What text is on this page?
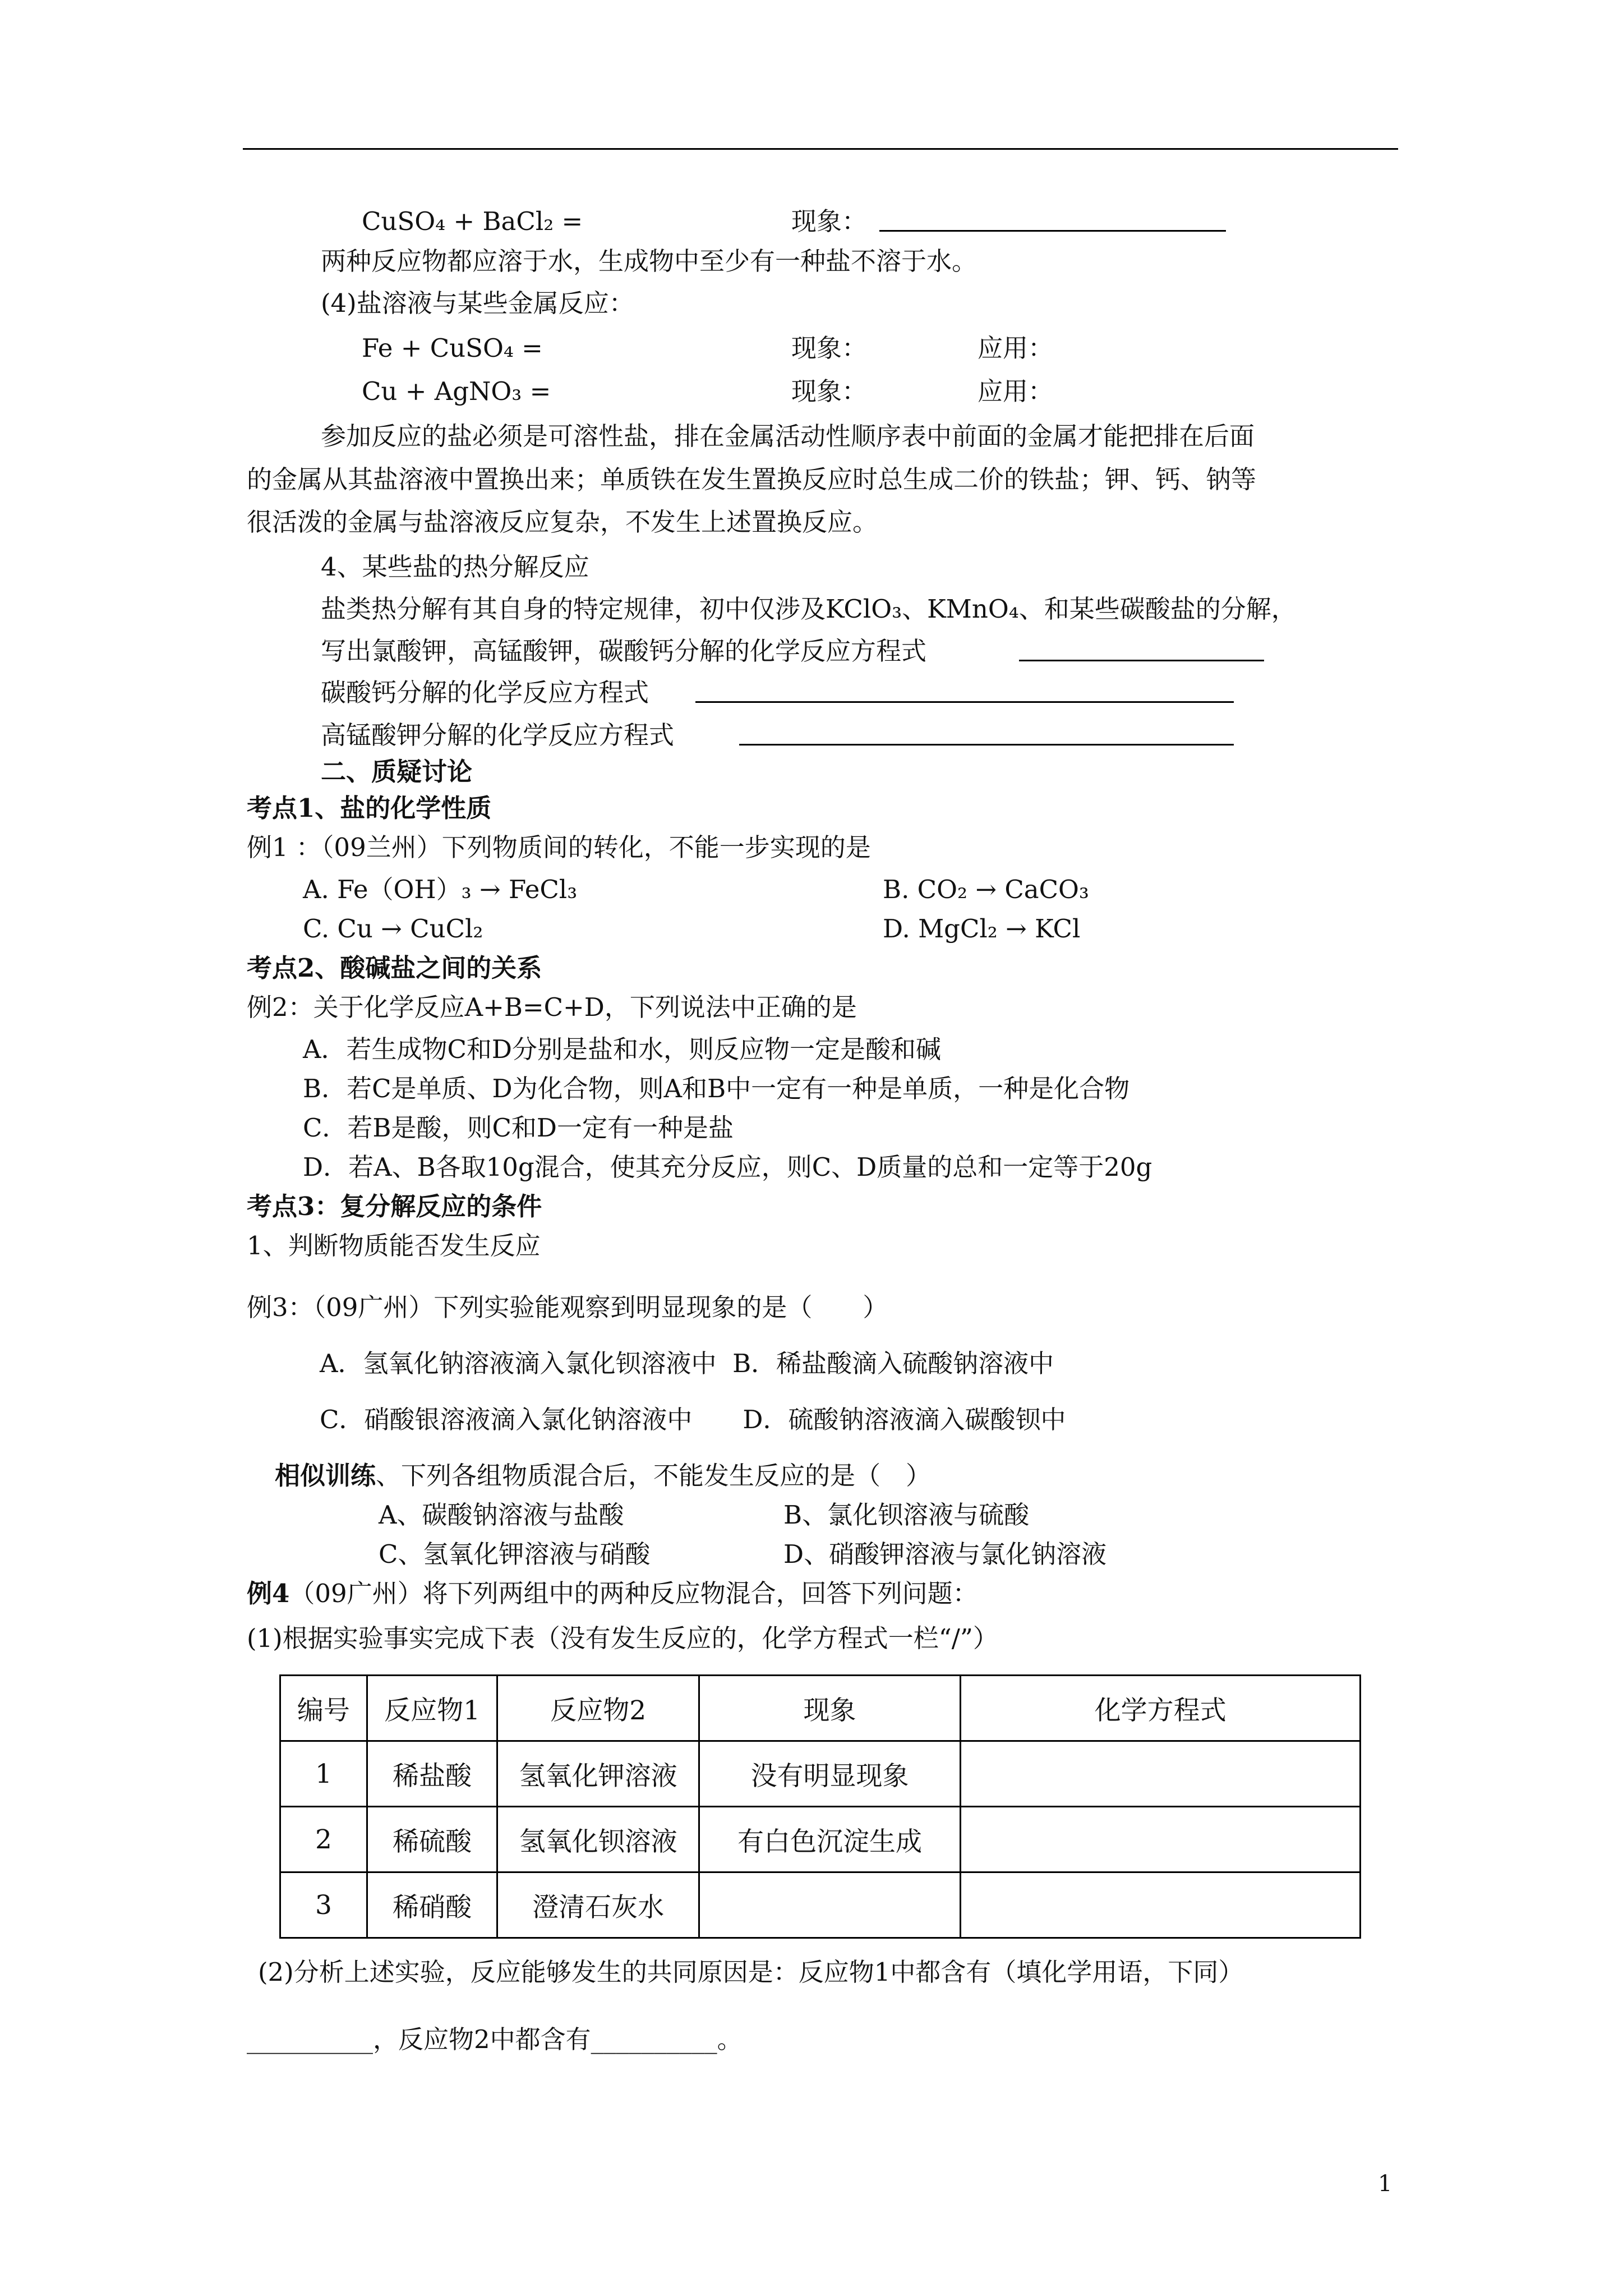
CuSO₄ + BaCl₂ =	现象：
两种反应物都应溶于水，生成物中至少有一种盐不溶于水。
(4)盐溶液与某些金属反应：
Fe + CuSO₄ =	现象：	应用：
Cu + AgNO₃ =	现象：	应用：
参加反应的盐必须是可溶性盐，排在金属活动性顺序表中前面的金属才能把排在后面
的金属从其盐溶液中置换出来；单质铁在发生置换反应时总生成二价的铁盐；钾、钙、钠等
很活泼的金属与盐溶液反应复杂，不发生上述置换反应。
4、某些盐的热分解反应
盐类热分解有其自身的特定规律，初中仅涉及KClO₃、KMnO₄、和某些碳酸盐的分解，
写出氯酸钾，高锰酸钾，碳酸钙分解的化学反应方程式
碳酸钙分解的化学反应方程式
高锰酸钾分解的化学反应方程式
二、质疑讨论
考点1、盐的化学性质
例1 ：（09兰州）下列物质间的转化，不能一步实现的是
A. Fe（OH）₃ → FeCl₃	B. CO₂ → CaCO₃
C. Cu → CuCl₂	D. MgCl₂ → KCl
考点2、酸碱盐之间的关系
例2：关于化学反应A+B=C+D，下列说法中正确的是
A．若生成物C和D分别是盐和水，则反应物一定是酸和碱
B．若C是单质、D为化合物，则A和B中一定有一种是单质，一种是化合物
C．若B是酸，则C和D一定有一种是盐
D．若A、B各取10g混合，使其充分反应，则C、D质量的总和一定等于20g
考点3：复分解反应的条件
1、判断物质能否发生反应
例3：（09广州）下列实验能观察到明显现象的是（　　）
A．氢氧化钠溶液滴入氯化钡溶液中  B．稀盐酸滴入硫酸钠溶液中
C．硝酸银溶液滴入氯化钠溶液中　　D．硫酸钠溶液滴入碳酸钡中
相似训练、下列各组物质混合后，不能发生反应的是（　）
A、碳酸钠溶液与盐酸	B、氯化钡溶液与硫酸
C、氢氧化钾溶液与硝酸	D、硝酸钾溶液与氯化钠溶液
例4（09广州）将下列两组中的两种反应物混合，回答下列问题：
(1)根据实验事实完成下表（没有发生反应的，化学方程式一栏“/”）
编号	反应物1	反应物2	现象	化学方程式
1	稀盐酸	氢氧化钾溶液	没有明显现象	
2	稀硫酸	氢氧化钡溶液	有白色沉淀生成	
3	稀硝酸	澄清石灰水		
(2)分析上述实验，反应能够发生的共同原因是：反应物1中都含有（填化学用语，下同）
__________，反应物2中都含有__________。
1
